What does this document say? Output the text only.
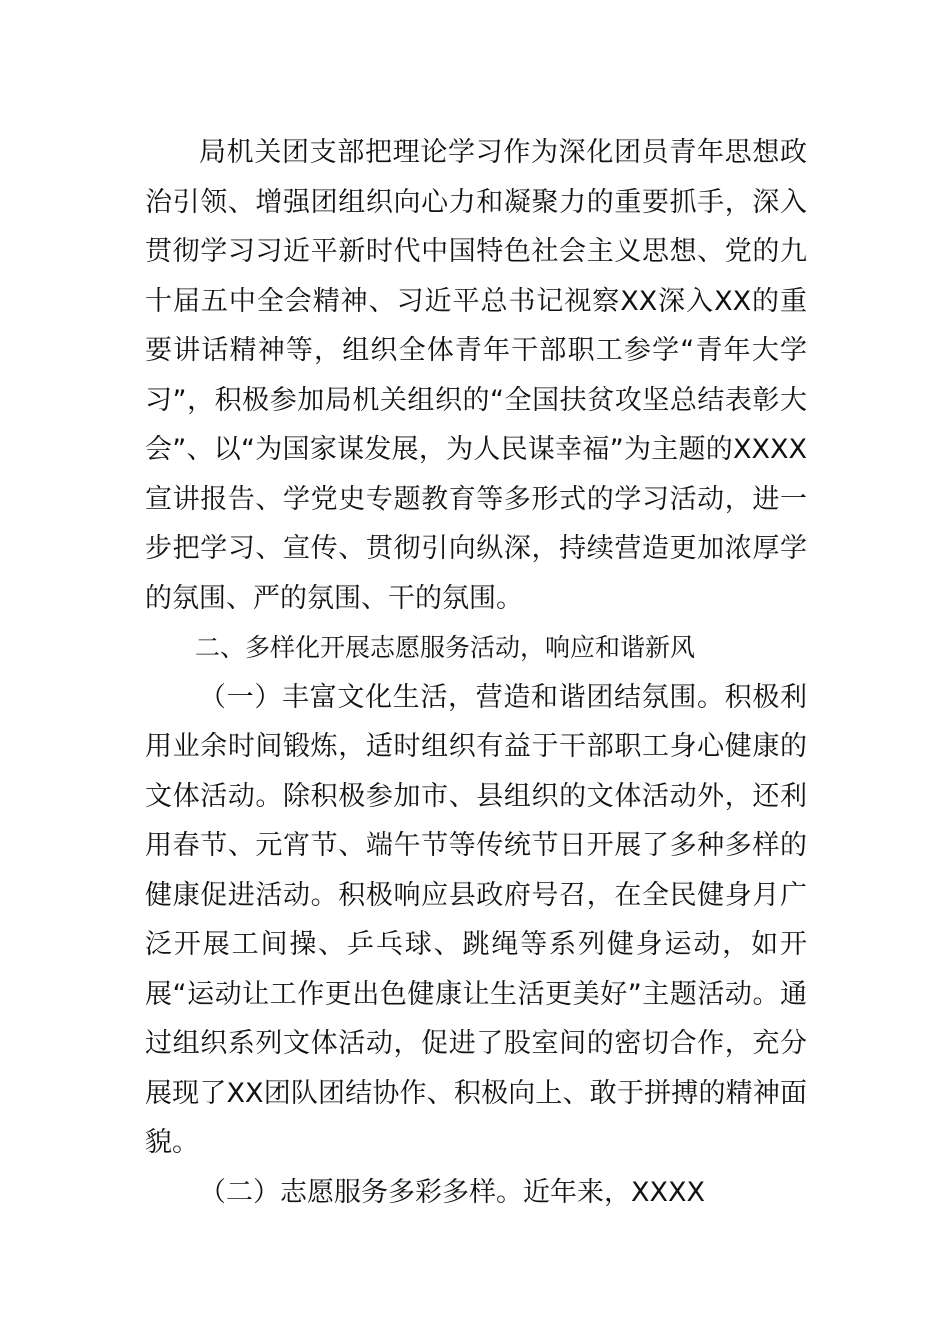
局机关团支部把理论学习作为深化团员青年思想政治引领、增强团组织向心力和凝聚力的重要抓手，深入贯彻学习习近平新时代中国特色社会主义思想、党的九十届五中全会精神、习近平总书记视察XX深入XX的重要讲话精神等，组织全体青年干部职工参学“青年大学习”，积极参加局机关组织的“全国扶贫攻坚总结表彰大会”、以“为国家谋发展，为人民谋幸福”为主题的XXXX宣讲报告、学党史专题教育等多形式的学习活动，进一步把学习、宣传、贯彻引向纵深，持续营造更加浓厚学的氛围、严的氛围、干的氛围。

二、多样化开展志愿服务活动，响应和谐新风

（一）丰富文化生活，营造和谐团结氛围。积极利用业余时间锻炼，适时组织有益于干部职工身心健康的文体活动。除积极参加市、县组织的文体活动外，还利用春节、元宵节、端午节等传统节日开展了多种多样的健康促进活动。积极响应县政府号召，在全民健身月广泛开展工间操、乒乓球、跳绳等系列健身运动，如开展“运动让工作更出色健康让生活更美好”主题活动。通过组织系列文体活动，促进了股室间的密切合作，充分展现了XX团队团结协作、积极向上、敢于拼搏的精神面貌。

（二）志愿服务多彩多样。近年来，XXXX
